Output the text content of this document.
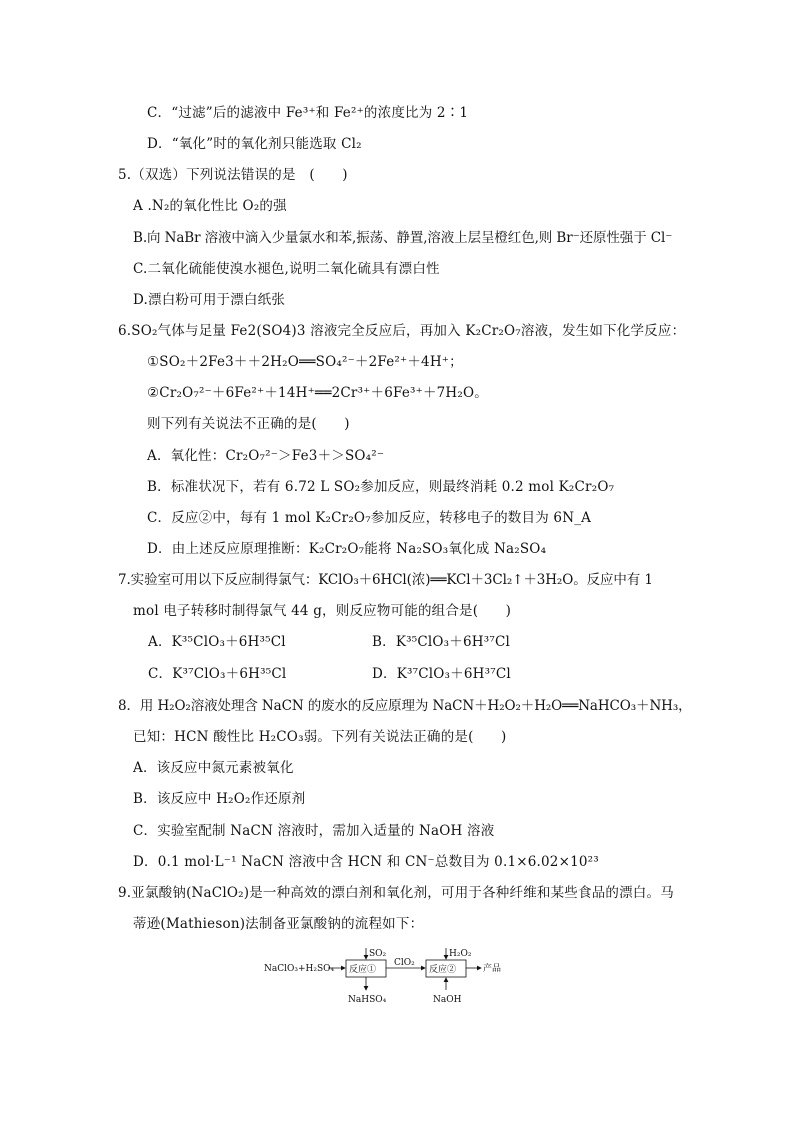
C．“过滤”后的滤液中 Fe³⁺和 Fe²⁺的浓度比为 2∶1
D．“氧化”时的氧化剂只能选取 Cl₂
5.（双选）下列说法错误的是　(　　)
A .N₂的氧化性比 O₂的强
B.向 NaBr 溶液中滴入少量氯水和苯,振荡、静置,溶液上层呈橙红色,则 Br⁻还原性强于 Cl⁻
C.二氧化硫能使溴水褪色,说明二氧化硫具有漂白性
D.漂白粉可用于漂白纸张
6.SO₂气体与足量 Fe2(SO4)3 溶液完全反应后，再加入 K₂Cr₂O₇溶液，发生如下化学反应：
①SO₂＋2Fe3＋＋2H₂O══SO₄²⁻＋2Fe²⁺＋4H⁺；
②Cr₂O₇²⁻＋6Fe²⁺＋14H⁺══2Cr³⁺＋6Fe³⁺＋7H₂O。
则下列有关说法不正确的是(　　)
A．氧化性：Cr₂O₇²⁻＞Fe3＋＞SO₄²⁻
B．标准状况下，若有 6.72 L SO₂参加反应，则最终消耗 0.2 mol K₂Cr₂O₇
C．反应②中，每有 1 mol K₂Cr₂O₇参加反应，转移电子的数目为 6N_A
D．由上述反应原理推断：K₂Cr₂O₇能将 Na₂SO₃氧化成 Na₂SO₄
7.实验室可用以下反应制得氯气：KClO₃＋6HCl(浓)══KCl＋3Cl₂↑＋3H₂O。反应中有 1
mol 电子转移时制得氯气 44 g，则反应物可能的组合是(　　)
A．K³⁵ClO₃＋6H³⁵Cl	B．K³⁵ClO₃＋6H³⁷Cl
C．K³⁷ClO₃＋6H³⁵Cl	D．K³⁷ClO₃＋6H³⁷Cl
8．用 H₂O₂溶液处理含 NaCN 的废水的反应原理为 NaCN＋H₂O₂＋H₂O══NaHCO₃＋NH₃，
已知：HCN 酸性比 H₂CO₃弱。下列有关说法正确的是(　　)
A．该反应中氮元素被氧化
B．该反应中 H₂O₂作还原剂
C．实验室配制 NaCN 溶液时，需加入适量的 NaOH 溶液
D．0.1 mol·L⁻¹ NaCN 溶液中含 HCN 和 CN⁻总数目为 0.1×6.02×10²³
9.亚氯酸钠(NaClO₂)是一种高效的漂白剂和氧化剂，可用于各种纤维和某些食品的漂白。马
蒂逊(Mathieson)法制备亚氯酸钠的流程如下：
NaClO₃+H₂SO₄ 反应①
SO₂
NaHSO₄
ClO₂
反应②
H₂O₂
NaOH
产品
